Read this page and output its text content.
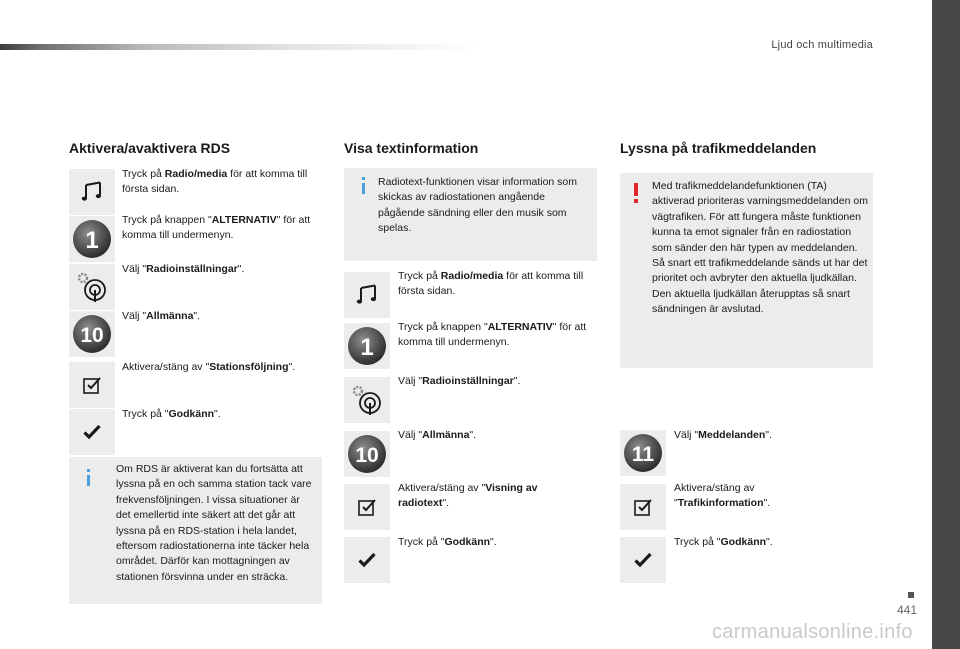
Ljud och multimedia
441
carmanualsonline.info
Aktivera/avaktivera RDS
Tryck på Radio/media för att komma till första sidan.
1
Tryck på knappen "ALTERNATIV" för att komma till undermenyn.
Välj "Radioinställningar".
10
Välj "Allmänna".
Aktivera/stäng av "Stationsföljning".
Tryck på "Godkänn".
Om RDS är aktiverat kan du fortsätta att lyssna på en och samma station tack vare frekvensföljningen. I vissa situationer är det emellertid inte säkert att det går att lyssna på en RDS-station i hela landet, eftersom radiostationerna inte täcker hela området. Därför kan mottagningen av stationen försvinna under en sträcka.
Visa textinformation
Radiotext-funktionen visar information som skickas av radiostationen angående pågående sändning eller den musik som spelas.
Tryck på Radio/media för att komma till första sidan.
1
Tryck på knappen "ALTERNATIV" för att komma till undermenyn.
Välj "Radioinställningar".
10
Välj "Allmänna".
Aktivera/stäng av "Visning av radiotext".
Tryck på "Godkänn".
Lyssna på trafikmeddelanden
Med trafikmeddelandefunktionen (TA) aktiverad prioriteras varningsmeddelanden om vägtrafiken. För att fungera måste funktionen kunna ta emot signaler från en radiostation som sänder den här typen av meddelanden. Så snart ett trafikmeddelande sänds ut har det prioritet och avbryter den aktuella ljudkällan. Den aktuella ljudkällan återupptas så snart sändningen är avslutad.
11
Välj "Meddelanden".
Aktivera/stäng av "Trafikinformation".
Tryck på "Godkänn".
